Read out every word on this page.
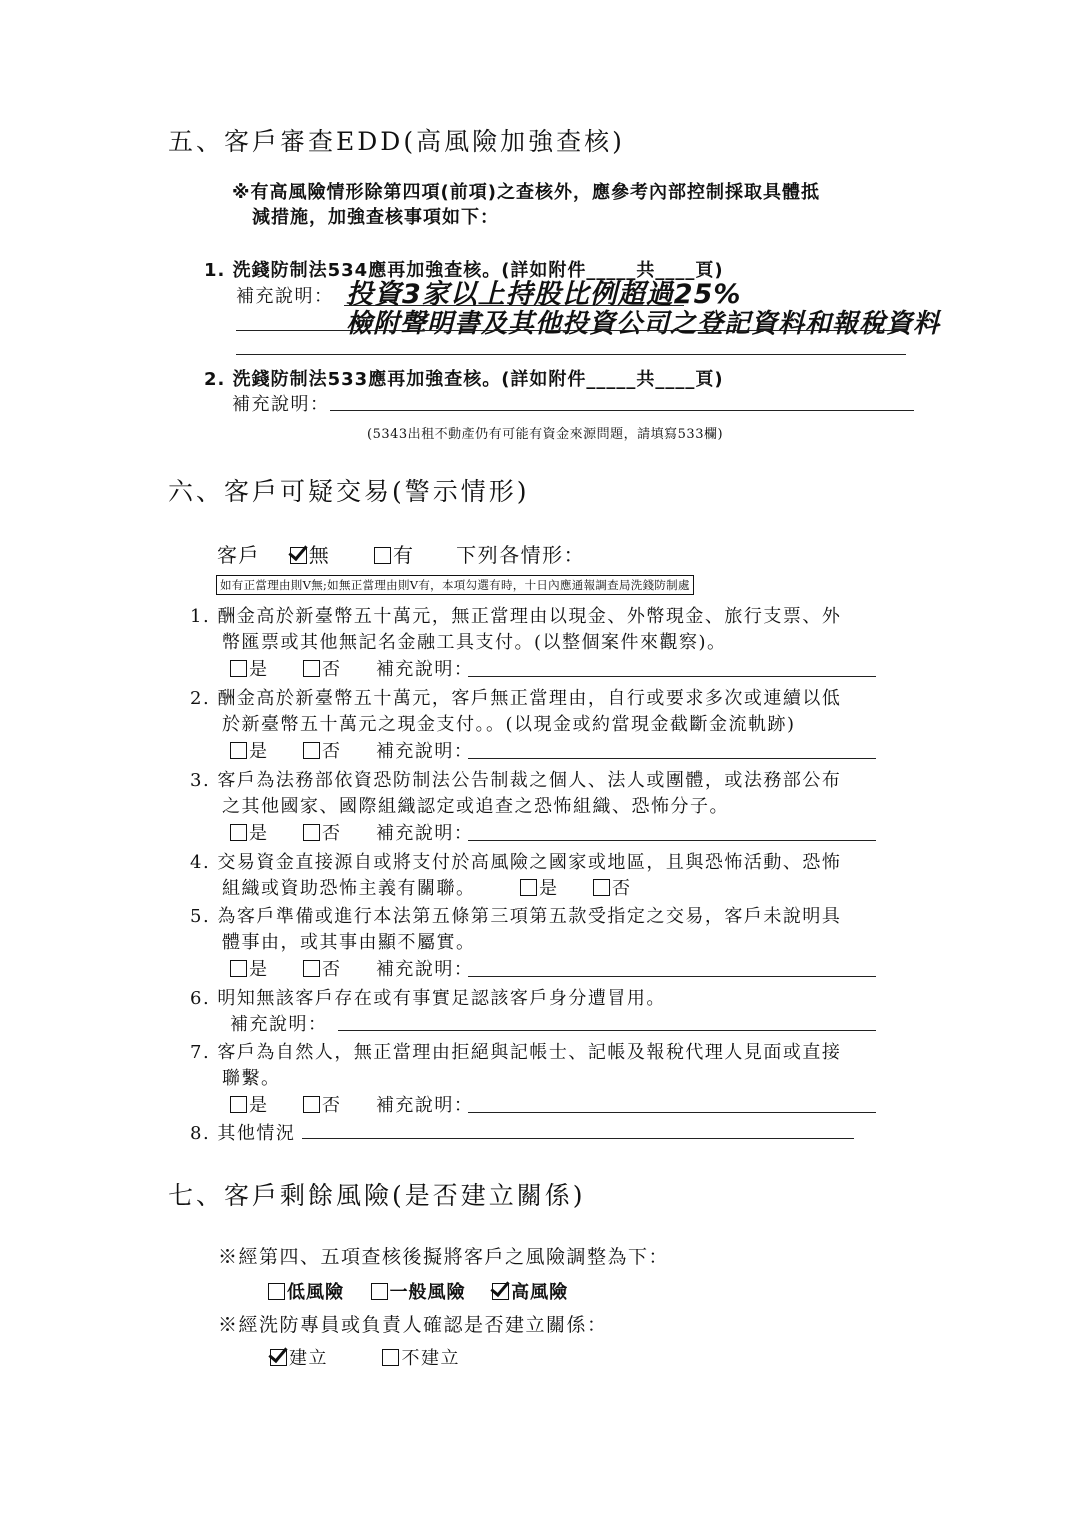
五、客戶審查EDD(高風險加強查核)
※有高風險情形除第四項(前項)之查核外，應參考內部控制採取具體抵
減措施，加強查核事項如下：
1. 洗錢防制法534應再加強查核。(詳如附件_____共____頁)
補充說明： 投資3家以上持股比例超過25%
檢附聲明書及其他投資公司之登記資料和報稅資料
2. 洗錢防制法533應再加強查核。(詳如附件_____共____頁)
補充說明：
(5343出租不動產仍有可能有資金來源問題，請填寫533欄)
六、客戶可疑交易(警示情形)
客戶 無	有 下列各情形：
如有正當理由則V無;如無正當理由則V有，本項勾選有時，十日內應通報調查局洗錢防制處
1. 酬金高於新臺幣五十萬元，無正當理由以現金、外幣現金、旅行支票、外
幣匯票或其他無記名金融工具支付。(以整個案件來觀察)。
是	否 補充說明：
2. 酬金高於新臺幣五十萬元，客戶無正當理由，自行或要求多次或連續以低
於新臺幣五十萬元之現金支付。。(以現金或約當現金截斷金流軌跡)
是	否 補充說明：
3. 客戶為法務部依資恐防制法公告制裁之個人、法人或團體，或法務部公布
之其他國家、國際組織認定或追查之恐怖組織、恐怖分子。
是	否 補充說明：
4. 交易資金直接源自或將支付於高風險之國家或地區，且與恐怖活動、恐怖
組織或資助恐怖主義有關聯。	是	否
5. 為客戶準備或進行本法第五條第三項第五款受指定之交易，客戶未說明具
體事由，或其事由顯不屬實。
是	否 補充說明：
6. 明知無該客戶存在或有事實足認該客戶身分遭冒用。
補充說明：
7. 客戶為自然人，無正當理由拒絕與記帳士、記帳及報稅代理人見面或直接
聯繫。
是	否 補充說明：
8. 其他情況
七、客戶剩餘風險(是否建立關係)
※經第四、五項查核後擬將客戶之風險調整為下：
低風險	一般風險	高風險
※經洗防專員或負責人確認是否建立關係：
建立	不建立
